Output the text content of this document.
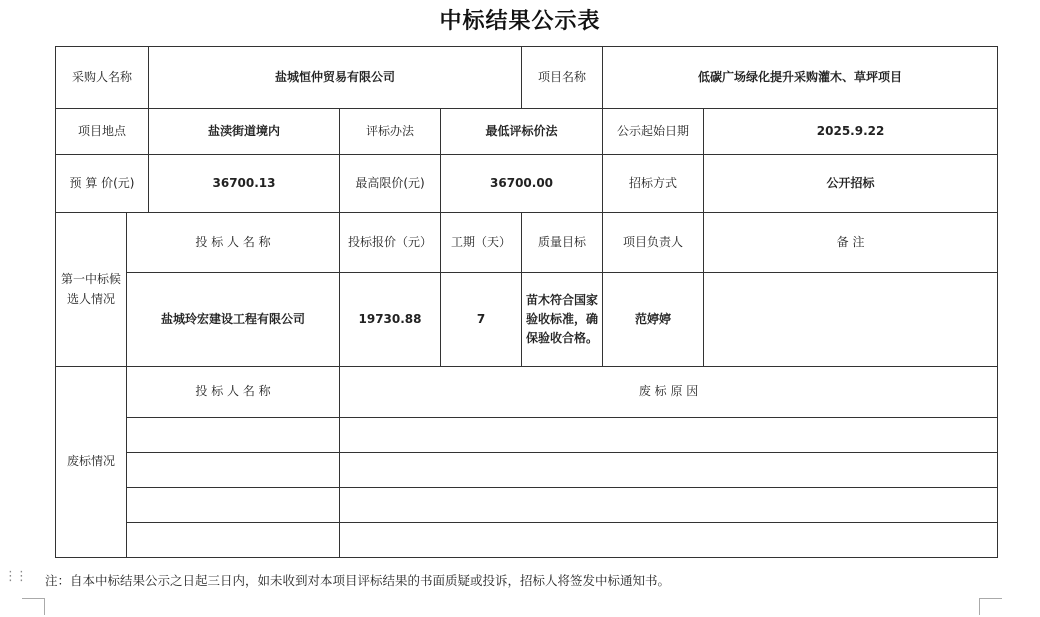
中标结果公示表
采购人名称		盐城恒仲贸易有限公司			项目名称	低碳广场绿化提升采购灌木、草坪项目	
项目地点		盐渎街道境内	评标办法	最低评标价法		公示起始日期	2025.9.22
预 算 价(元)		36700.13	最高限价(元)	36700.00		招标方式	公开招标
第一中标候选人情况	投 标 人 名 称		投标报价（元）	工期（天）	质量目标	项目负责人	备 注
	盐城玲宏建设工程有限公司		19730.88	7	苗木符合国家验收标准，确保验收合格。	范婷婷	
废标情况	投 标 人 名 称		废 标 原 因				

⋮⋮ 注：自本中标结果公示之日起三日内，如未收到对本项目评标结果的书面质疑或投诉，招标人将签发中标通知书。
